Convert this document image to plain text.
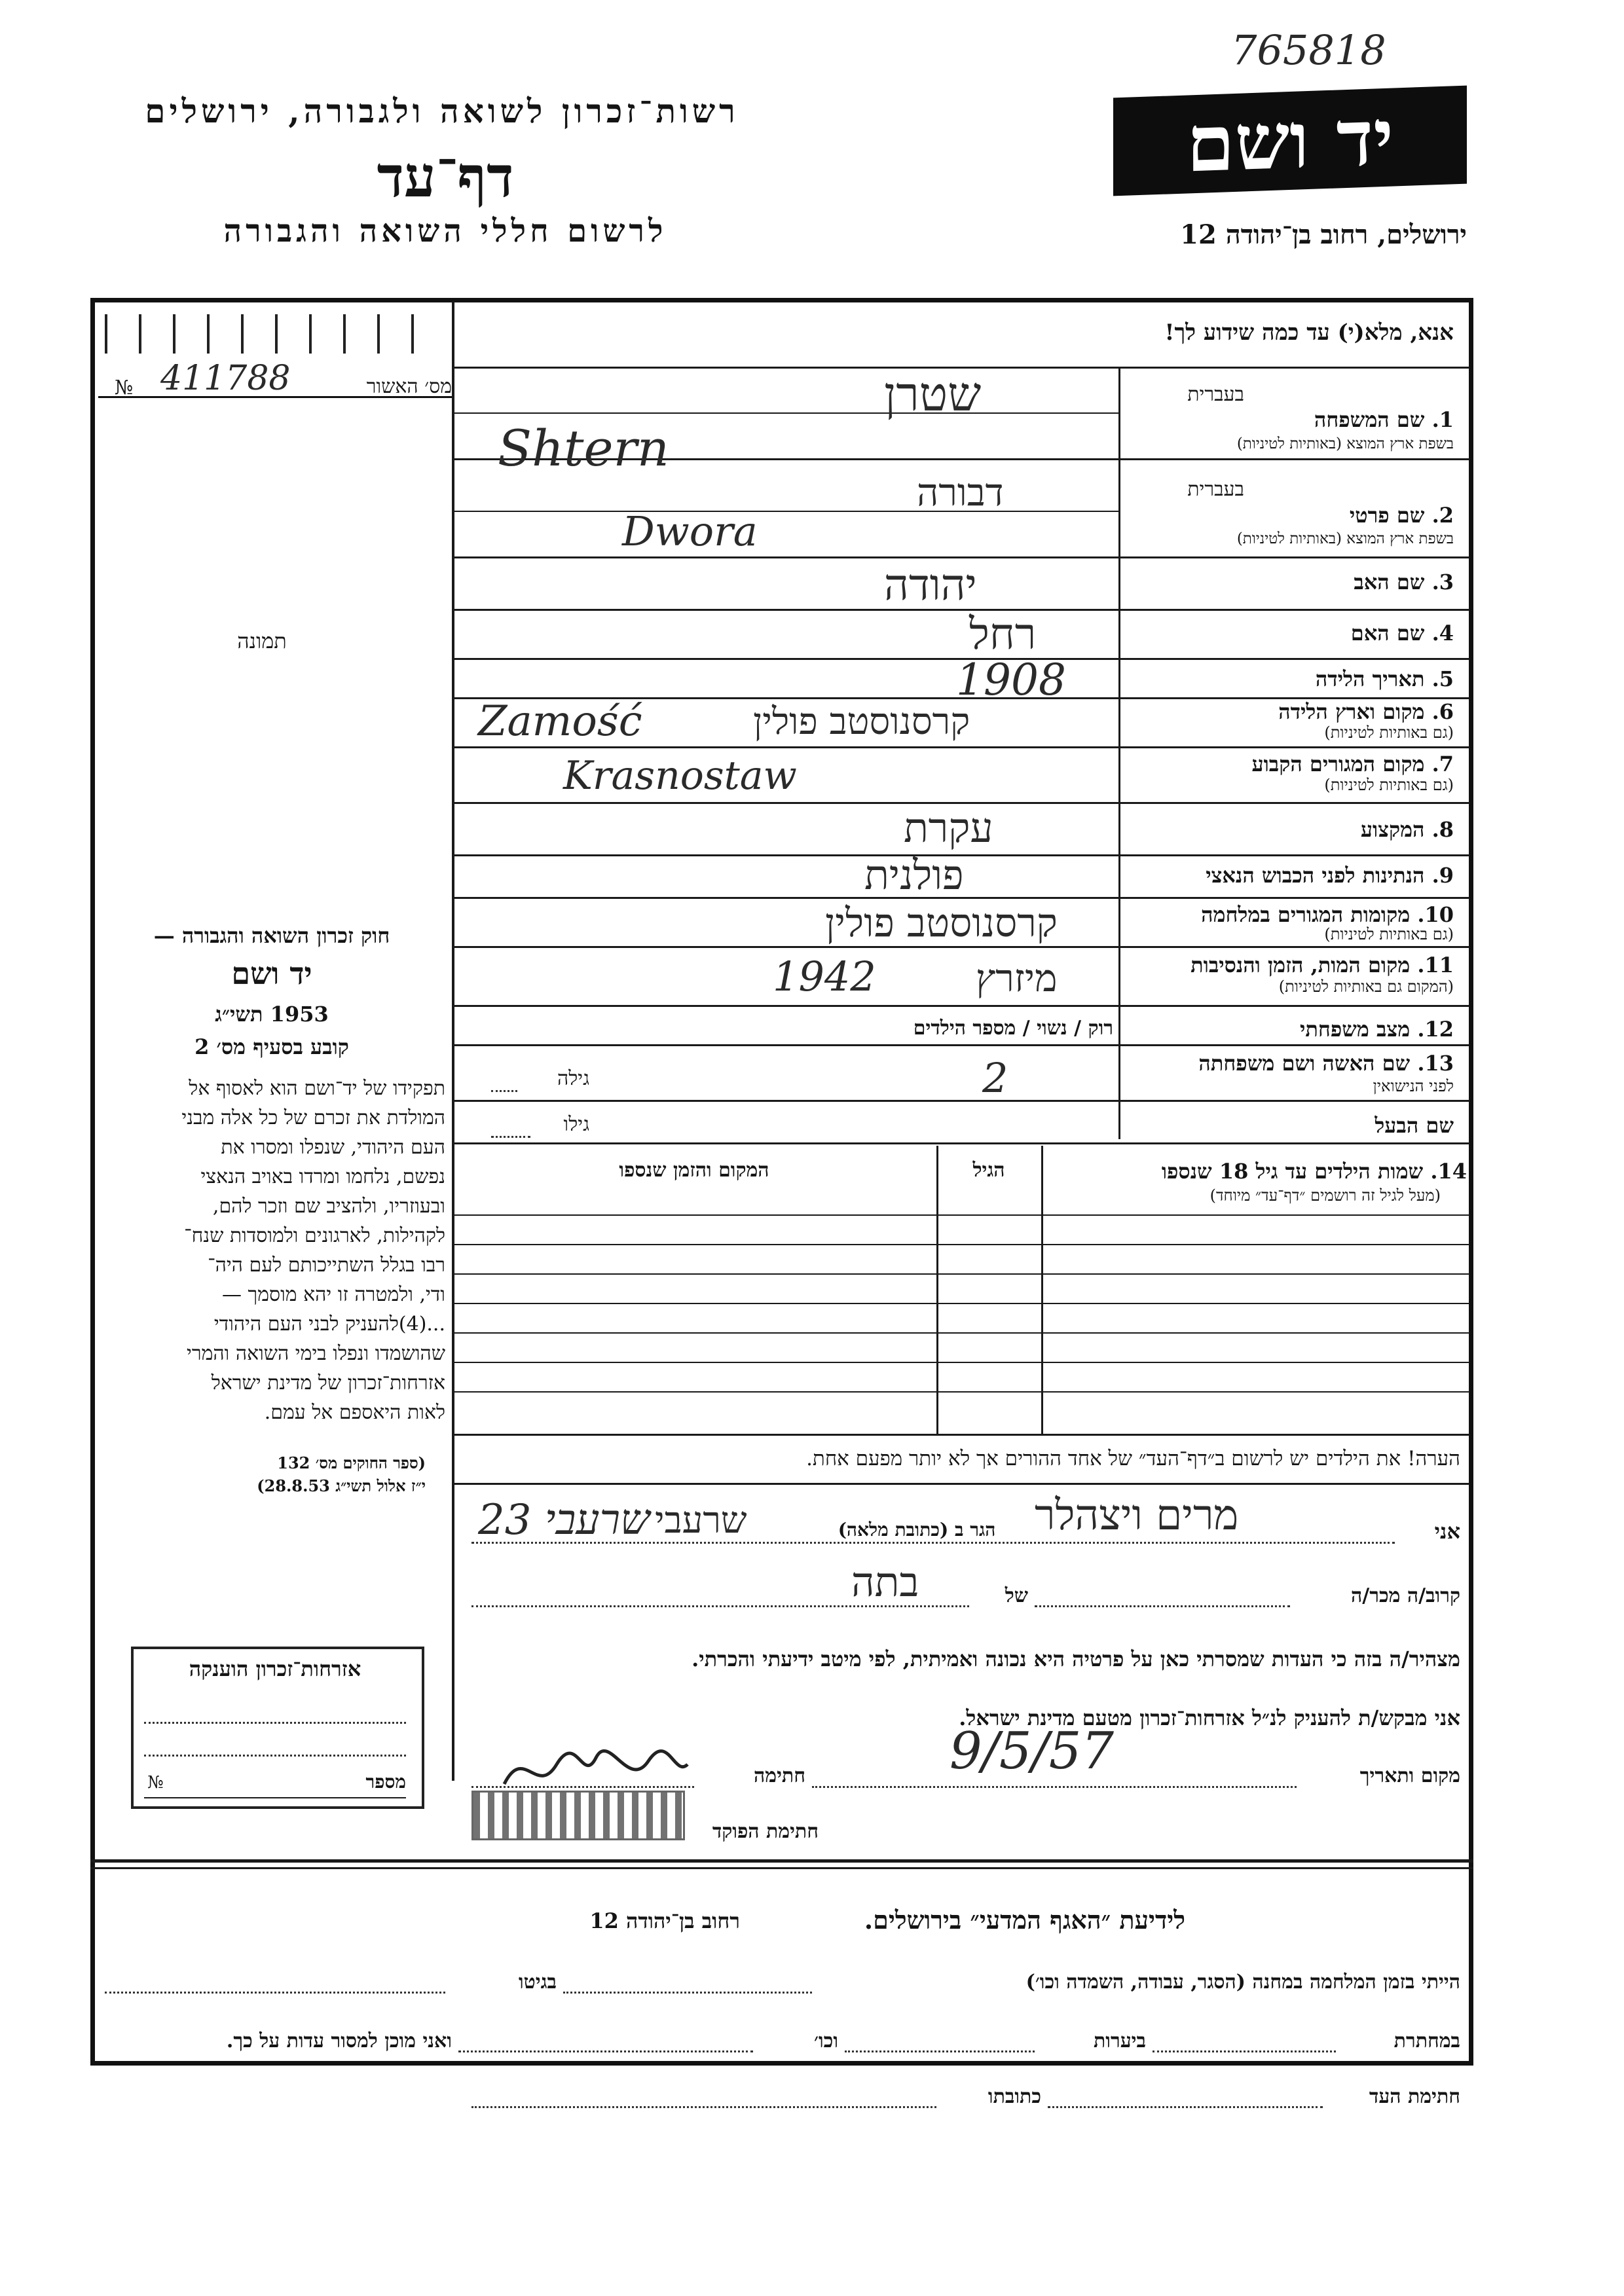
765818
רשות־זכרון לשואה ולגבורה, ירושלים
דף־עד
לרשום חללי השואה והגבורה
יד ושם
ירושלים, רחוב בן־יהודה 12
מס׳ האשור
№ 411788
תמונה
אנא, מלא(י) עד כמה שידוע לך!
בעברית
1. שם המשפחה
בשפת ארץ המוצא (באותיות לטיניות)
שטרן
Shtern
בעברית
2. שם פרטי
בשפת ארץ המוצא (באותיות לטיניות)
דבורה
Dwora
3. שם האב
יהודה
4. שם האם
רחל
5. תאריך הלידה
1908
6. מקום וארץ הלידה
(גם באותיות לטיניות)
קרסנוסטב פולין
Zamość
7. מקום המגורים הקבוע
(גם באותיות לטיניות)
Krasnostaw
8. המקצוע
עקרת
9. הנתינות לפני הכבוש הנאצי
פולנית
10. מקומות המגורים במלחמה
(גם באותיות לטיניות)
קרסנוסטב פולין
11. מקום המות, הזמן והנסיבות
(המקום גם באותיות לטיניות)
מיזרץ
1942
12. מצב משפחתי
רוק / נשוי / מספר הילדים
13. שם האשה ושם משפחתה
לפני הנישואין
גילה	2
שם הבעל
גילו
14. שמות הילדים עד גיל 18 שנספו
(מעל לגיל זה רושמים ״דף־עד״ מיוחד)
הגיל
המקום והזמן שנספו
חוק זכרון השואה והגבורה —
יד ושם
1953 תשי״ג
קובע בסעיף מס׳ 2
תפקידו של יד־ושם הוא לאסוף אל
המולדת את זכרם של כל אלה מבני
העם היהודי, שנפלו ומסרו את
נפשם, נלחמו ומרדו באויב הנאצי
ובעוזריו, ולהציב שם וזכר להם,
לקהילות, לארגונים ולמוסדות שנח־
רבו בגלל השתייכותם לעם היה־
ודי, ולמטרה זו יהא מוסמך —
...(4)להעניק לבני העם היהודי
שהושמדו ונפלו בימי השואה והמרי
אזרחות־זכרון של מדינת ישראל
לאות היאספם אל עמם.
(ספר החוקים מס׳ 132
י״ז אלול תשי״ג 28.8.53)
הערה! את הילדים יש לרשום ב״דף־העד״ של אחד ההורים אך לא יותר מפעם אחת.
אני
מרים ויצהלר
הגר ב (כתובת מלאה)
23 שרעבי שרעבי
קרוב/ה מכר/ה
של
בתה
מצהיר/ה בזה כי העדות שמסרתי כאן על פרטיה היא נכונה ואמיתית, לפי מיטב ידיעתי והכרתי.
אני מבקש/ת להעניק לנ״ל אזרחות־זכרון מטעם מדינת ישראל.
מקום ותאריך
9/5/57
חתימה
חתימת הפוקד
אזרחות־זכרון הוענקה
מספר
№
לידיעת ״האגף המדעי״ בירושלים.
רחוב בן־יהודה 12
הייתי בזמן המלחמה במחנה (הסגר, עבודה, השמדה וכו׳)
בגיטו
במחתרת
ביערות
וכו׳
ואני מוכן למסור עדות על כך.
חתימת העד
כתובתו
